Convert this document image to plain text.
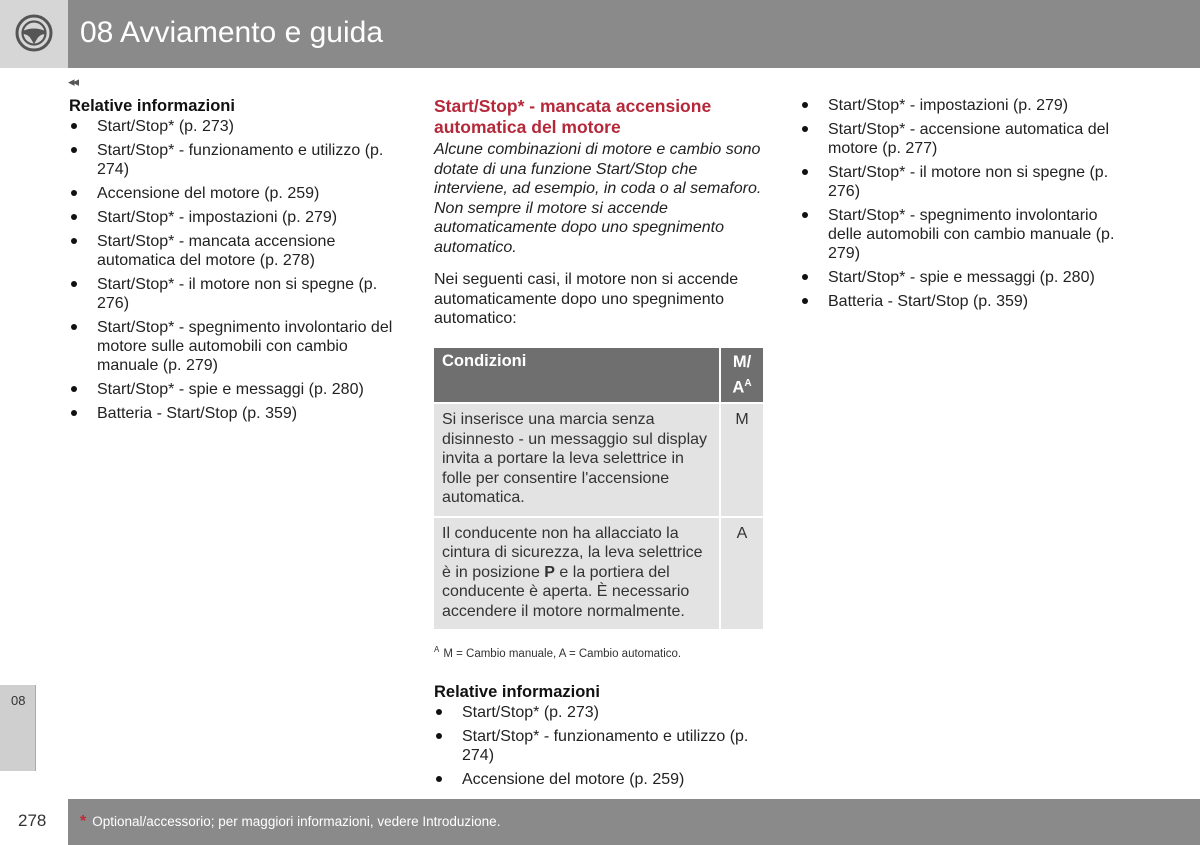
08 Avviamento e guida
◂◂
Relative informazioni
Start/Stop* (p. 273)
Start/Stop* - funzionamento e utilizzo (p. 274)
Accensione del motore (p. 259)
Start/Stop* - impostazioni (p. 279)
Start/Stop* - mancata accensione automatica del motore (p. 278)
Start/Stop* - il motore non si spegne (p. 276)
Start/Stop* - spegnimento involontario del motore sulle automobili con cambio manuale (p. 279)
Start/Stop* - spie e messaggi (p. 280)
Batteria - Start/Stop (p. 359)
Start/Stop* - mancata accensione automatica del motore

Alcune combinazioni di motore e cambio sono dotate di una funzione Start/Stop che interviene, ad esempio, in coda o al semaforo. Non sempre il motore si accende automaticamente dopo uno spegnimento automatico.

Nei seguenti casi, il motore non si accende automaticamente dopo uno spegnimento automatico:

Condizioni	M/
$A^A$
Si inserisce una marcia senza disinnesto - un messaggio sul display invita a portare la leva selettrice in folle per consentire l'accensione automatica.	M
Il conducente non ha allacciato la cintura di sicurezza, la leva selettrice è in posizione P e la portiera del conducente è aperta. È necessario accendere il motore normalmente.	A
$^A$ M = Cambio manuale, A = Cambio automatico.
Relative informazioni
Start/Stop* (p. 273)
Start/Stop* - funzionamento e utilizzo (p. 274)
Accensione del motore (p. 259)
Start/Stop* - impostazioni (p. 279)
Start/Stop* - accensione automatica del motore (p. 277)
Start/Stop* - il motore non si spegne (p. 276)
Start/Stop* - spegnimento involontario delle automobili con cambio manuale (p. 279)
Start/Stop* - spie e messaggi (p. 280)
Batteria - Start/Stop (p. 359)
08
278 * Optional/accessorio; per maggiori informazioni, vedere Introduzione.
